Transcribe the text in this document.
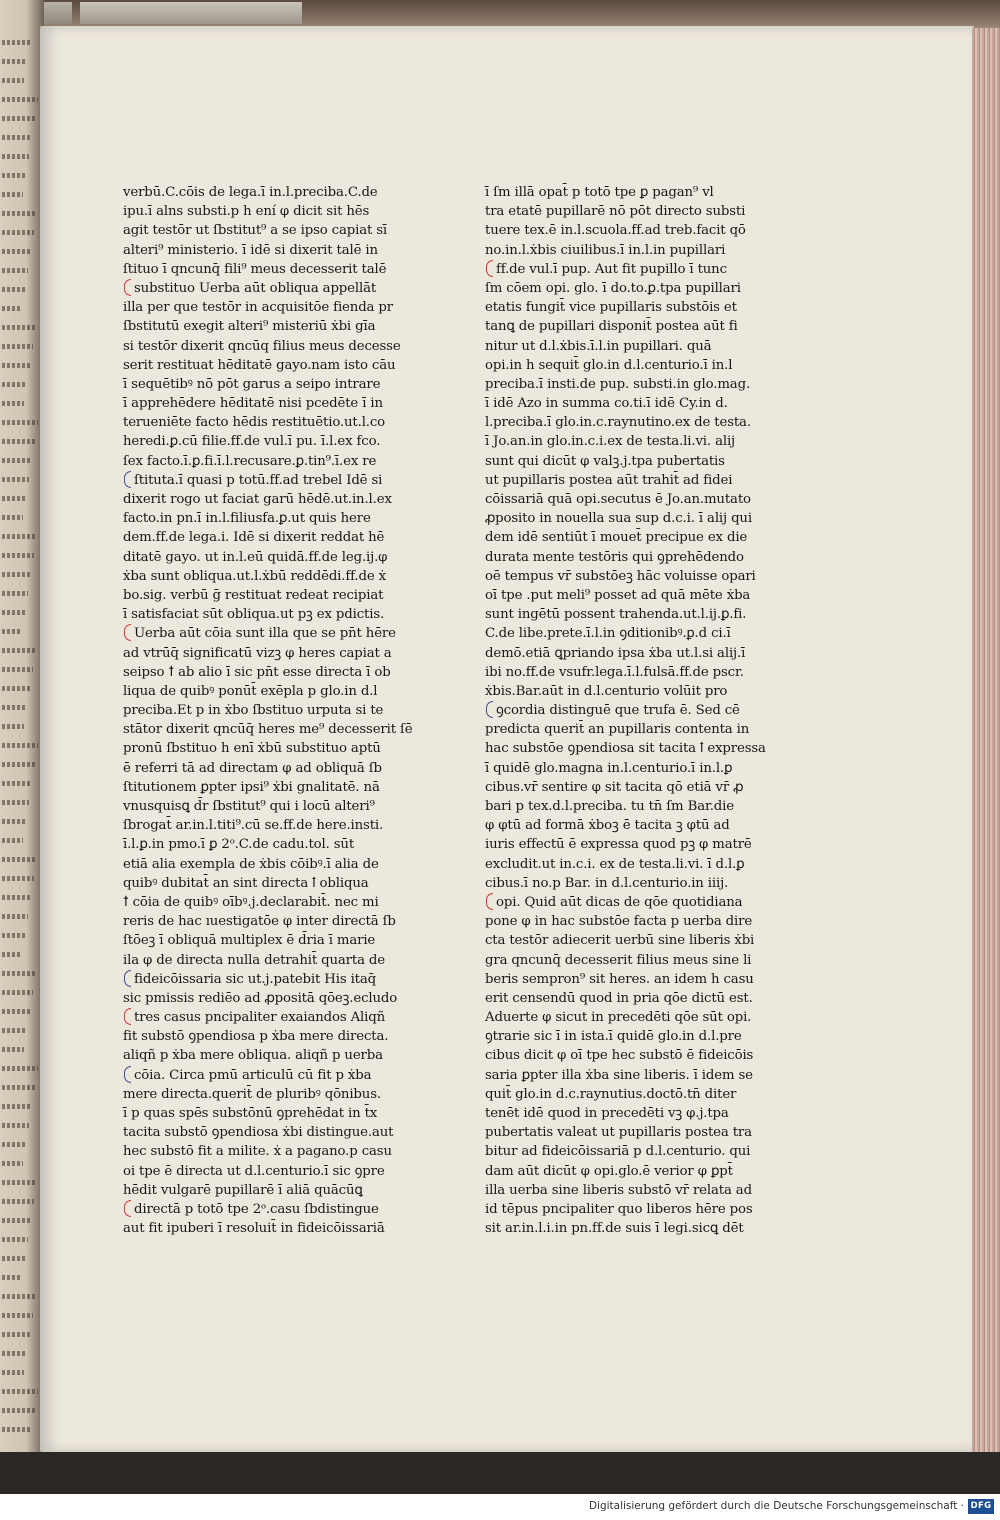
verbū.C.cōis de lega.ī in.l.preciba.C.de
ipu.ī alns substi.p h ení φ dicit sit hēs
agit testōr ut ſbstitut⁹ a se ipso capiat sī
alteri⁹ ministerio. ī idē si dixerit talē in
ſtituo ī qncunq̄ fili⁹ meus decesserit talē
substituo Uerba aūt obliqua appellāt
illa per que testōr in acquisitōe fienda pr
ſbstitutū exegit alteri⁹ misteriū ẋbi gīa
si testōr dixerit qncūq filius meus decesse
serit restituat hēditatē gayo.nam isto cāu
ī sequētibꝰ nō pōt garus a seipo intrare
ī apprehēdere hēditatē nisi pcedēte ī in
terueniēte facto hēdis restituētio.ut.l.co
heredi.ꝑ.cū filie.ff.de vul.ī pu. ī.l.ex fco.
ſex facto.ī.ꝑ.fi.ī.l.recusare.ꝑ.tin⁹.ī.ex re
ſtituta.ī quasi p totū.ff.ad trebel Idē si
dixerit rogo ut faciat garū hēdē.ut.in.l.ex
facto.in pn.ī in.l.filiusfa.ꝑ.ut quis here
dem.ff.de lega.i. Idē si dixerit reddat hē
ditatē gayo. ut in.l.eū quidā.ff.de leg.ij.φ
ẋba sunt obliqua.ut.l.ẋbū reddēdi.ff.de ẋ
bo.sig. verbū ḡ restituat redeat recipiat
ī satisfaciat sūt obliqua.ut pꝫ ex pdictis.
Uerba aūt cōia sunt illa que se pn̄t hēre
ad vtrūq̄ significatū vizꝫ φ heres capiat a
seipso ꝉ ab alio ī sic pn̄t esse directa ī ob
liqua de quibꝰ ponūt̄ exēpla p glo.in d.l
preciba.Et p in ẋbo ſbstituo urputa si te
stātor dixerit qncūq̄ heres me⁹ decesserit ſē
pronū ſbstituo h enī ẋbū substituo aptū
ē referri tā ad directam φ ad obliquā ſb
ſtitutionem ꝑpter ipsi⁹ ẋbi gnalitatē. nā
vnusquisꝗ d̄r ſbstitut⁹ qui i locū alteri⁹
ſbrogat̄ ar.in.l.titi⁹.cū se.ff.de here.insti.
ī.l.ꝑ.in pmo.ī ꝑ 2ᵒ.C.de cadu.tol. sūt
etiā alia exempla de ẋbis cōibꝰ.ī alia de
quibꝰ dubitat̄ an sint directa ꝉ obliqua
ꝉ cōia de quibꝰ oībꝰ.j.declarabit̄. nec mi
reris de hac ıuestigatōe φ inter directā ſb
ſtōeꝫ ī obliquā multiplex ē d̄ria ī marie
ila φ de directa nulla detrahit̄ quarta de
fideicōissaria sic ut.j.patebit His itaq̄
sic pmissis rediēo ad ꝓpositā qōeꝫ.ecludo
tres casus pncipaliter exaiandos Aliqñ
fit substō ꝯpendiosa p ẋba mere directa.
aliqñ p ẋba mere obliqua. aliqñ p uerba
cōia. Circa pmū articulū cū fit p ẋba
mere directa.querit̄ de pluribꝰ qōnibus.
ī p quas spēs substōnū ꝯprehēdat in t̄x
tacita substō ꝯpendiosa ẋbi distingue.aut
hec substō fit a milite. ẋ a pagano.p casu
oi tpe ē directa ut d.l.centurio.ī sic ꝯpre
hēdit vulgarē pupillarē ī aliā quācūꝗ
directā p totō tpe 2ᵒ.casu ſbdistingue
aut fit ipuberi ī resoluit̄ in fideicōissariā
ī ſm illā opat̄ p totō tpe ꝑ pagan⁹ vl
tra etatē pupillarē nō pōt directo substi
tuere tex.ē in.l.scuola.ff.ad treb.facit qō
no.in.l.ẋbis ciuilibus.ī in.l.in pupillari
ff.de vul.ī pup. Aut fit pupillo ī tunc
ſm cōem opi. glo. ī do.to.ꝑ.tpa pupillari
etatis fungit̄ vice pupillaris substōis et
tanꝗ de pupillari disponit̄ postea aūt fi
nitur ut d.l.ẋbis.ī.l.in pupillari. quā
opi.in h sequit̄ glo.in d.l.centurio.ī in.l
preciba.ī insti.de pup. substi.in glo.mag.
ī idē Azo in summa co.ti.ī idē Cy.in d.
l.preciba.ī glo.in.c.raynutino.ex de testa.
ī Jo.an.in glo.in.c.i.ex de testa.li.vi. alij
sunt qui dicūt φ valꝫ.j.tpa pubertatis
ut pupillaris postea aūt trahit̄ ad fidei
cōissariā quā opi.secutus ē Jo.an.mutato
ꝓposito in nouella sua sup d.c.i. ī alij qui
dem idē sentiūt ī mouet̄ precipue ex die
durata mente testōris qui ꝯprehēdendo
oē tempus vr̄ substōeꝫ hāc voluisse opari
oī tpe .put meli⁹ posset ad quā mēte ẋba
sunt ingētū possent trahenda.ut.l.ij.ꝑ.fi.
C.de libe.prete.ī.l.in ꝯditionibꝰ.ꝑ.d ci.ī
demō.etiā ꝗpriando ipsa ẋba ut.l.si alij.ī
ibi no.ff.de vsufr.lega.ī.l.fulsā.ff.de pscr.
ẋbis.Bar.aūt in d.l.centurio volūit pro
ꝯcordia distinguē que trufa ē. Sed cē
predicta querit̄ an pupillaris contenta in
hac substōe ꝯpendiosa sit tacita ꝉ expressa
ī quidē glo.magna in.l.centurio.ī in.l.ꝑ
cibus.vr̄ sentire φ sit tacita qō etiā vr̄ ꝓ
bari p tex.d.l.preciba. tu tn̄ ſm Bar.die
φ φtū ad formā ẋboꝫ ē tacita ꝫ φtū ad
iuris effectū ē expressa quod pꝫ φ matrē
excludit.ut in.c.i. ex de testa.li.vi. ī d.l.ꝑ
cibus.ī no.p Bar. in d.l.centurio.in iiij.
opi. Quid aūt dicas de qōe quotidiana
pone φ in hac substōe facta p uerba dire
cta testōr adiecerit uerbū sine liberis ẋbi
gra qncunq̄ decesserit filius meus sine li
beris sempron⁹ sit heres. an idem h casu
erit censendū quod in pria qōe dictū est.
Aduerte φ sicut in precedēti qōe sūt opi.
ꝯtrarie sic ī in ista.ī quidē glo.in d.l.pre
cibus dicit φ oī tpe hec substō ē fideicōis
saria ꝑpter illa ẋba sine liberis. ī idem se
quit̄ glo.in d.c.raynutius.doctō.tn̄ diter
tenēt idē quod in precedēti vꝫ φ.j.tpa
pubertatis valeat ut pupillaris postea tra
bitur ad fideicōissariā p d.l.centurio. qui
dam aūt dicūt φ opi.glo.ē verior φ ꝑpt̄
illa uerba sine liberis substō vr̄ relata ad
id tēpus pncipaliter quo liberos hēre pos
sit ar.in.l.i.in pn.ff.de suis ī legi.sicꝗ dēt
Digitalisierung gefördert durch die Deutsche Forschungsgemeinschaft · DFG
